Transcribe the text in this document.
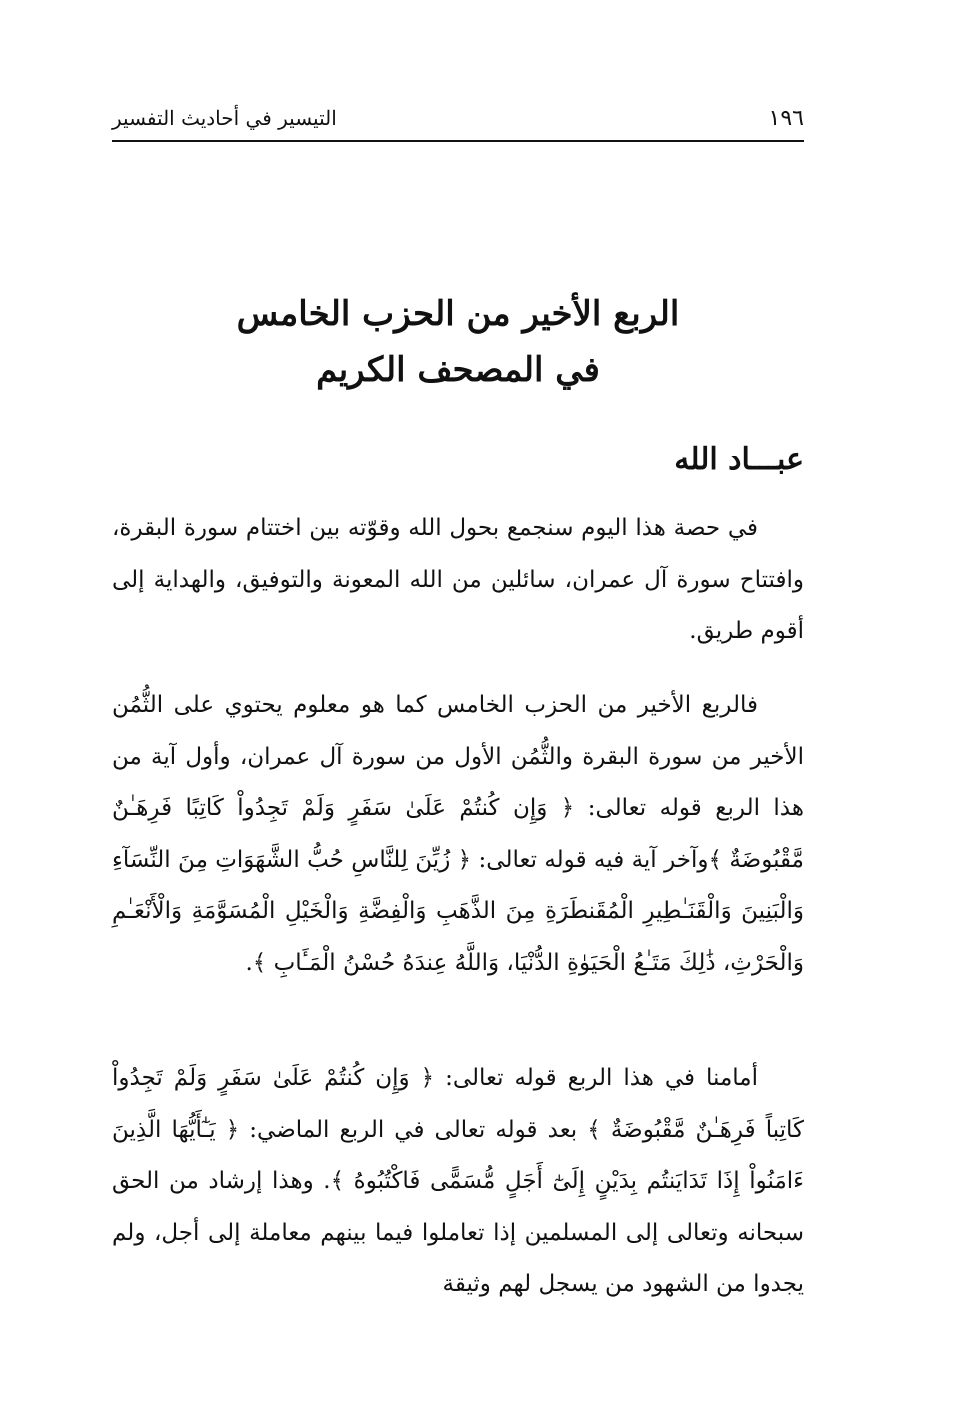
١٩٦
التيسير في أحاديث التفسير
الربع الأخير من الحزب الخامس
في المصحف الكريم
عبـــاد الله

في حصة هذا اليوم سنجمع بحول الله وقوّته بين اختتام سورة البقرة، وافتتاح سورة آل عمران، سائلين من الله المعونة والتوفيق، والهداية إلى أقوم طريق.

فالربع الأخير من الحزب الخامس كما هو معلوم يحتوي على الثُّمُن الأخير من سورة البقرة والثُّمُن الأول من سورة آل عمران، وأول آية من هذا الربع قوله تعالى: ﴿ وَإِن كُنتُمْ عَلَىٰ سَفَرٍ وَلَمْ تَجِدُواْ كَاتِبًا فَرِهَـٰنٌ مَّقْبُوضَةٌ ﴾وآخر آية فيه قوله تعالى: ﴿ زُيِّنَ لِلنَّاسِ حُبُّ الشَّهَوَاتِ مِنَ النِّسَآءِ وَالْبَنِينَ وَالْقَنَـٰطِيرِ الْمُقَنطَرَةِ مِنَ الذَّهَبِ وَالْفِضَّةِ وَالْخَيْلِ الْمُسَوَّمَةِ وَالْأَنْعَـٰمِ وَالْحَرْثِ، ذَٰلِكَ مَتَـٰعُ الْحَيَوٰةِ الدُّنْيَا، وَاللَّهُ عِندَهُ حُسْنُ الْمَـَٔابِ ﴾.

أمامنا في هذا الربع قوله تعالى: ﴿ وَإِن كُنتُمْ عَلَىٰ سَفَرٍ وَلَمْ تَجِدُواْ كَاتِباً فَرِهَـٰنٌ مَّقْبُوضَةٌ ﴾ بعد قوله تعالى في الربع الماضي: ﴿ يَـٰٓأَيُّهَا الَّذِينَ ءَامَنُواْ إِذَا تَدَايَنتُم بِدَيْنٍ إِلَىٰٓ أَجَلٍ مُّسَمًّى فَاكْتُبُوهُ ﴾. وهذا إرشاد من الحق سبحانه وتعالى إلى المسلمين إذا تعاملوا فيما بينهم معاملة إلى أجل، ولم يجدوا من الشهود من يسجل لهم وثيقة
